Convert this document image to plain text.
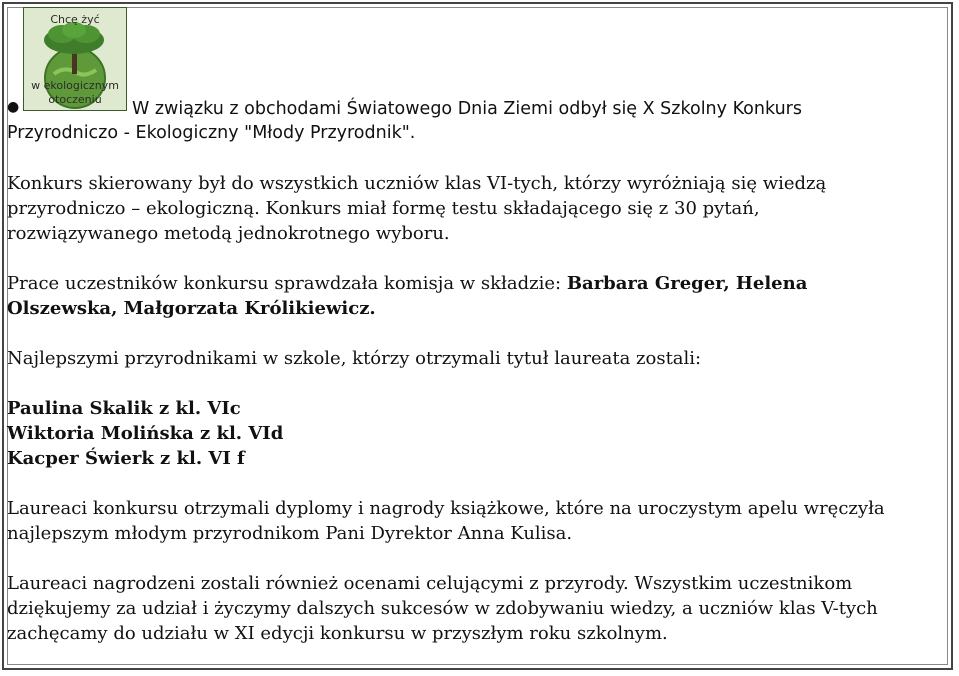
Chcę żyć
w ekologicznym
otoczeniu
●	W związku z obchodami Światowego Dnia Ziemi odbył się X Szkolny Konkurs
Przyrodniczo - Ekologiczny "Młody Przyrodnik".
Konkurs skierowany był do wszystkich uczniów klas VI-tych, którzy wyróżniają się wiedzą
przyrodniczo – ekologiczną. Konkurs miał formę testu składającego się z 30 pytań,
rozwiązywanego metodą jednokrotnego wyboru.
Prace uczestników konkursu sprawdzała komisja w składzie: Barbara Greger, Helena
Olszewska, Małgorzata Królikiewicz.
Najlepszymi przyrodnikami w szkole, którzy otrzymali tytuł laureata zostali:
Paulina Skalik z kl. VIc
Wiktoria Molińska z kl. VId
Kacper Świerk z kl. VI f
Laureaci konkursu otrzymali dyplomy i nagrody książkowe, które na uroczystym apelu wręczyła
najlepszym młodym przyrodnikom Pani Dyrektor Anna Kulisa.
Laureaci nagrodzeni zostali również ocenami celującymi z przyrody. Wszystkim uczestnikom
dziękujemy za udział i życzymy dalszych sukcesów w zdobywaniu wiedzy, a uczniów klas V-tych
zachęcamy do udziału w XI edycji konkursu w przyszłym roku szkolnym.
